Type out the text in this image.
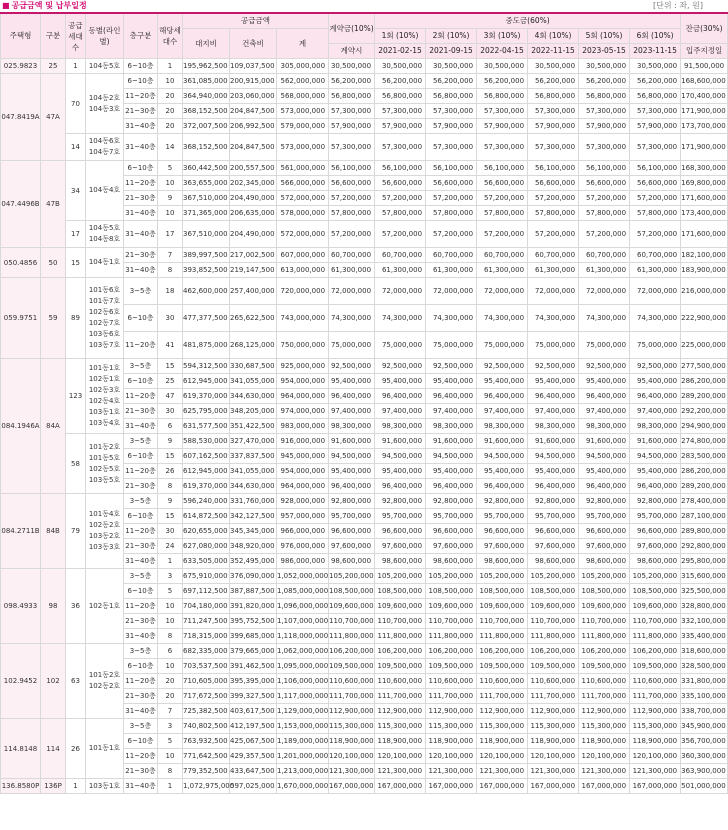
■ 공급금액 및 납부일정	[단위 : 좌, 원]
주택형	구분	공급세대수	동별(라인별)	층구분	해당세대수	공급금액			계약금(10%)	중도금(60%)						잔금(30%)
						대지비	건축비	계		1회 (10%)	2회 (10%)	3회 (10%)	4회 (10%)	5회 (10%)	6회 (10%)	
									계약시	2021-02-15	2021-09-15	2022-04-15	2022-11-15	2023-05-15	2023-11-15	입주지정일
025.9823	25	1	104동5호	6~10층	1	195,962,500	109,037,500	305,000,000	30,500,000	30,500,000	30,500,000	30,500,000	30,500,000	30,500,000	30,500,000	91,500,000
047.8419A	47A	70	104동2호 104동3호	6~10층	10	361,085,000	200,915,000	562,000,000	56,200,000	56,200,000	56,200,000	56,200,000	56,200,000	56,200,000	56,200,000	168,600,000
				11~20층	20	364,940,000	203,060,000	568,000,000	56,800,000	56,800,000	56,800,000	56,800,000	56,800,000	56,800,000	56,800,000	170,400,000
				21~30층	20	368,152,500	204,847,500	573,000,000	57,300,000	57,300,000	57,300,000	57,300,000	57,300,000	57,300,000	57,300,000	171,900,000
				31~40층	20	372,007,500	206,992,500	579,000,000	57,900,000	57,900,000	57,900,000	57,900,000	57,900,000	57,900,000	57,900,000	173,700,000
		14	104동6호 104동7호	31~40층	14	368,152,500	204,847,500	573,000,000	57,300,000	57,300,000	57,300,000	57,300,000	57,300,000	57,300,000	57,300,000	171,900,000
047.4496B	47B	34	104동4호	6~10층	5	360,442,500	200,557,500	561,000,000	56,100,000	56,100,000	56,100,000	56,100,000	56,100,000	56,100,000	56,100,000	168,300,000
				11~20층	10	363,655,000	202,345,000	566,000,000	56,600,000	56,600,000	56,600,000	56,600,000	56,600,000	56,600,000	56,600,000	169,800,000
				21~30층	9	367,510,000	204,490,000	572,000,000	57,200,000	57,200,000	57,200,000	57,200,000	57,200,000	57,200,000	57,200,000	171,600,000
				31~40층	10	371,365,000	206,635,000	578,000,000	57,800,000	57,800,000	57,800,000	57,800,000	57,800,000	57,800,000	57,800,000	173,400,000
		17	104동5호 104동8호	31~40층	17	367,510,000	204,490,000	572,000,000	57,200,000	57,200,000	57,200,000	57,200,000	57,200,000	57,200,000	57,200,000	171,600,000
050.4856	50	15	104동1호	21~30층	7	389,997,500	217,002,500	607,000,000	60,700,000	60,700,000	60,700,000	60,700,000	60,700,000	60,700,000	60,700,000	182,100,000
				31~40층	8	393,852,500	219,147,500	613,000,000	61,300,000	61,300,000	61,300,000	61,300,000	61,300,000	61,300,000	61,300,000	183,900,000
059.9751	59	89	101동6호 101동7호 102동6호 102동7호 103동6호 103동7호	3~5층	18	462,600,000	257,400,000	720,000,000	72,000,000	72,000,000	72,000,000	72,000,000	72,000,000	72,000,000	72,000,000	216,000,000
				6~10층	30	477,377,500	265,622,500	743,000,000	74,300,000	74,300,000	74,300,000	74,300,000	74,300,000	74,300,000	74,300,000	222,900,000
				11~20층	41	481,875,000	268,125,000	750,000,000	75,000,000	75,000,000	75,000,000	75,000,000	75,000,000	75,000,000	75,000,000	225,000,000
084.1946A	84A	123	101동1호 102동1호 102동3호 102동4호 103동1호 103동4호	3~5층	15	594,312,500	330,687,500	925,000,000	92,500,000	92,500,000	92,500,000	92,500,000	92,500,000	92,500,000	92,500,000	277,500,000
				6~10층	25	612,945,000	341,055,000	954,000,000	95,400,000	95,400,000	95,400,000	95,400,000	95,400,000	95,400,000	95,400,000	286,200,000
				11~20층	47	619,370,000	344,630,000	964,000,000	96,400,000	96,400,000	96,400,000	96,400,000	96,400,000	96,400,000	96,400,000	289,200,000
				21~30층	30	625,795,000	348,205,000	974,000,000	97,400,000	97,400,000	97,400,000	97,400,000	97,400,000	97,400,000	97,400,000	292,200,000
				31~40층	6	631,577,500	351,422,500	983,000,000	98,300,000	98,300,000	98,300,000	98,300,000	98,300,000	98,300,000	98,300,000	294,900,000
		58	101동2호 101동5호 102동5호 103동5호	3~5층	9	588,530,000	327,470,000	916,000,000	91,600,000	91,600,000	91,600,000	91,600,000	91,600,000	91,600,000	91,600,000	274,800,000
				6~10층	15	607,162,500	337,837,500	945,000,000	94,500,000	94,500,000	94,500,000	94,500,000	94,500,000	94,500,000	94,500,000	283,500,000
				11~20층	26	612,945,000	341,055,000	954,000,000	95,400,000	95,400,000	95,400,000	95,400,000	95,400,000	95,400,000	95,400,000	286,200,000
				21~30층	8	619,370,000	344,630,000	964,000,000	96,400,000	96,400,000	96,400,000	96,400,000	96,400,000	96,400,000	96,400,000	289,200,000
084.2711B	84B	79	101동4호 102동2호 103동2호 103동3호	3~5층	9	596,240,000	331,760,000	928,000,000	92,800,000	92,800,000	92,800,000	92,800,000	92,800,000	92,800,000	92,800,000	278,400,000
				6~10층	15	614,872,500	342,127,500	957,000,000	95,700,000	95,700,000	95,700,000	95,700,000	95,700,000	95,700,000	95,700,000	287,100,000
				11~20층	30	620,655,000	345,345,000	966,000,000	96,600,000	96,600,000	96,600,000	96,600,000	96,600,000	96,600,000	96,600,000	289,800,000
				21~30층	24	627,080,000	348,920,000	976,000,000	97,600,000	97,600,000	97,600,000	97,600,000	97,600,000	97,600,000	97,600,000	292,800,000
				31~40층	1	633,505,000	352,495,000	986,000,000	98,600,000	98,600,000	98,600,000	98,600,000	98,600,000	98,600,000	98,600,000	295,800,000
098.4933	98	36	102동1호	3~5층	3	675,910,000	376,090,000	1,052,000,000	105,200,000	105,200,000	105,200,000	105,200,000	105,200,000	105,200,000	105,200,000	315,600,000
				6~10층	5	697,112,500	387,887,500	1,085,000,000	108,500,000	108,500,000	108,500,000	108,500,000	108,500,000	108,500,000	108,500,000	325,500,000
				11~20층	10	704,180,000	391,820,000	1,096,000,000	109,600,000	109,600,000	109,600,000	109,600,000	109,600,000	109,600,000	109,600,000	328,800,000
				21~30층	10	711,247,500	395,752,500	1,107,000,000	110,700,000	110,700,000	110,700,000	110,700,000	110,700,000	110,700,000	110,700,000	332,100,000
				31~40층	8	718,315,000	399,685,000	1,118,000,000	111,800,000	111,800,000	111,800,000	111,800,000	111,800,000	111,800,000	111,800,000	335,400,000
102.9452	102	63	101동2호 102동2호	3~5층	6	682,335,000	379,665,000	1,062,000,000	106,200,000	106,200,000	106,200,000	106,200,000	106,200,000	106,200,000	106,200,000	318,600,000
				6~10층	10	703,537,500	391,462,500	1,095,000,000	109,500,000	109,500,000	109,500,000	109,500,000	109,500,000	109,500,000	109,500,000	328,500,000
				11~20층	20	710,605,000	395,395,000	1,106,000,000	110,600,000	110,600,000	110,600,000	110,600,000	110,600,000	110,600,000	110,600,000	331,800,000
				21~30층	20	717,672,500	399,327,500	1,117,000,000	111,700,000	111,700,000	111,700,000	111,700,000	111,700,000	111,700,000	111,700,000	335,100,000
				31~40층	7	725,382,500	403,617,500	1,129,000,000	112,900,000	112,900,000	112,900,000	112,900,000	112,900,000	112,900,000	112,900,000	338,700,000
114.8148	114	26	101동1호	3~5층	3	740,802,500	412,197,500	1,153,000,000	115,300,000	115,300,000	115,300,000	115,300,000	115,300,000	115,300,000	115,300,000	345,900,000
				6~10층	5	763,932,500	425,067,500	1,189,000,000	118,900,000	118,900,000	118,900,000	118,900,000	118,900,000	118,900,000	118,900,000	356,700,000
				11~20층	10	771,642,500	429,357,500	1,201,000,000	120,100,000	120,100,000	120,100,000	120,100,000	120,100,000	120,100,000	120,100,000	360,300,000
				21~30층	8	779,352,500	433,647,500	1,213,000,000	121,300,000	121,300,000	121,300,000	121,300,000	121,300,000	121,300,000	121,300,000	363,900,000
136.8580P	136P	1	103동1호	31~40층	1	1,072,975,000	597,025,000	1,670,000,000	167,000,000	167,000,000	167,000,000	167,000,000	167,000,000	167,000,000	167,000,000	501,000,000
